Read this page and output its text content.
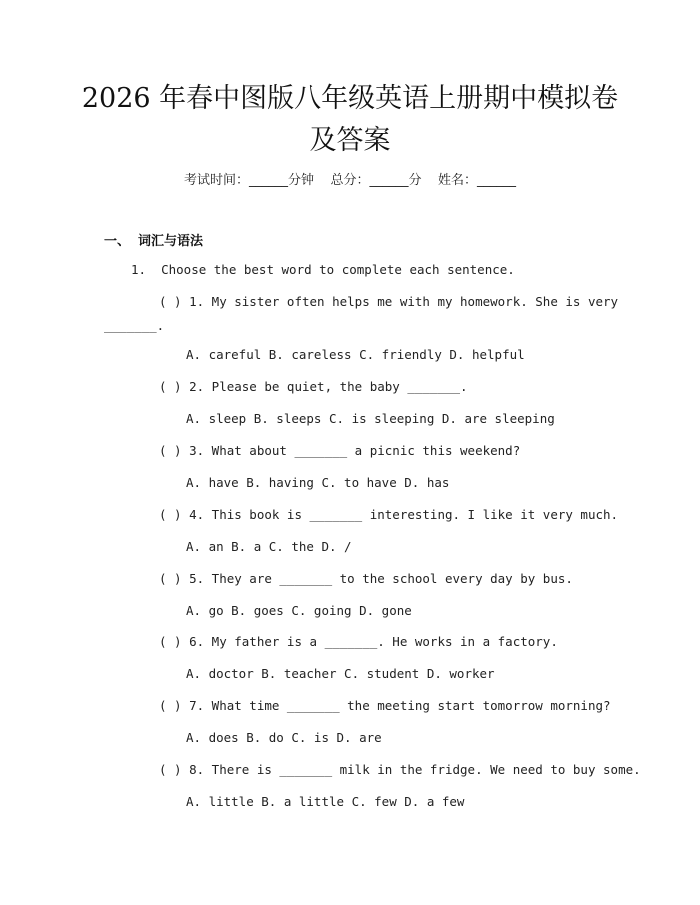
2026 年春中图版八年级英语上册期中模拟卷
及答案
考试时间：______分钟    总分：______分    姓名：______
一、 词汇与语法
1.  Choose the best word to complete each sentence.
( ) 1. My sister often helps me with my homework. She is very
_______.
A. careful B. careless C. friendly D. helpful
( ) 2. Please be quiet, the baby _______.
A. sleep B. sleeps C. is sleeping D. are sleeping
( ) 3. What about _______ a picnic this weekend?
A. have B. having C. to have D. has
( ) 4. This book is _______ interesting. I like it very much.
A. an B. a C. the D. /
( ) 5. They are _______ to the school every day by bus.
A. go B. goes C. going D. gone
( ) 6. My father is a _______. He works in a factory.
A. doctor B. teacher C. student D. worker
( ) 7. What time _______ the meeting start tomorrow morning?
A. does B. do C. is D. are
( ) 8. There is _______ milk in the fridge. We need to buy some.
A. little B. a little C. few D. a few
